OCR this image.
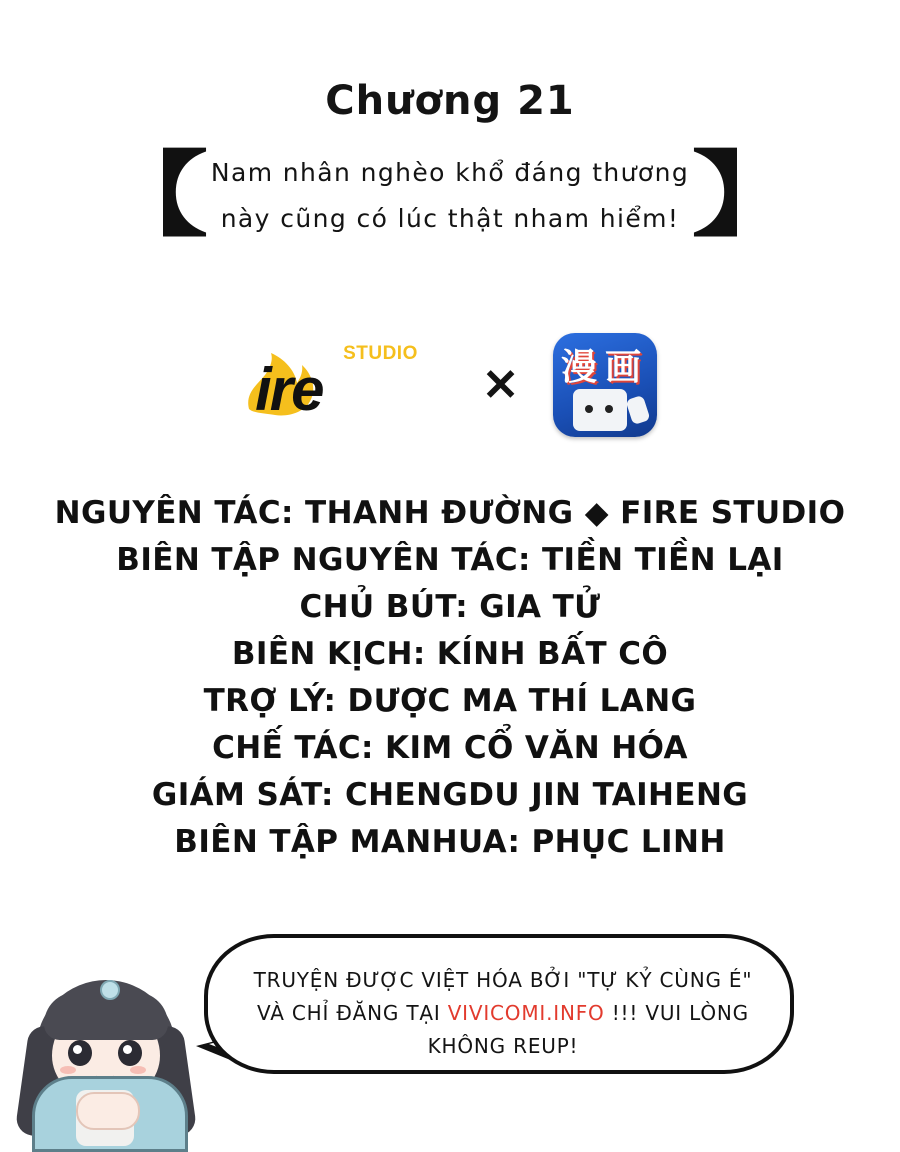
Chương 21
【 Nam nhân nghèo khổ đáng thương
này cũng có lúc thật nham hiểm! 】
STUDIO
ire	✕ 漫 画
NGUYÊN TÁC: THANH ĐƯỜNG ◆ FIRE STUDIO
BIÊN TẬP NGUYÊN TÁC: TIỀN TIỀN LẠI
CHỦ BÚT: GIA TỬ
BIÊN KỊCH: KÍNH BẤT CÔ
TRỢ LÝ: DƯỢC MA THÍ LANG
CHẾ TÁC: KIM CỔ VĂN HÓA
GIÁM SÁT: CHENGDU JIN TAIHENG
BIÊN TẬP MANHUA: PHỤC LINH
TRUYỆN ĐƯỢC VIỆT HÓA BỞI "TỰ KỶ CÙNG É"
VÀ CHỈ ĐĂNG TẠI VIVICOMI.INFO !!! VUI LÒNG
KHÔNG REUP!
